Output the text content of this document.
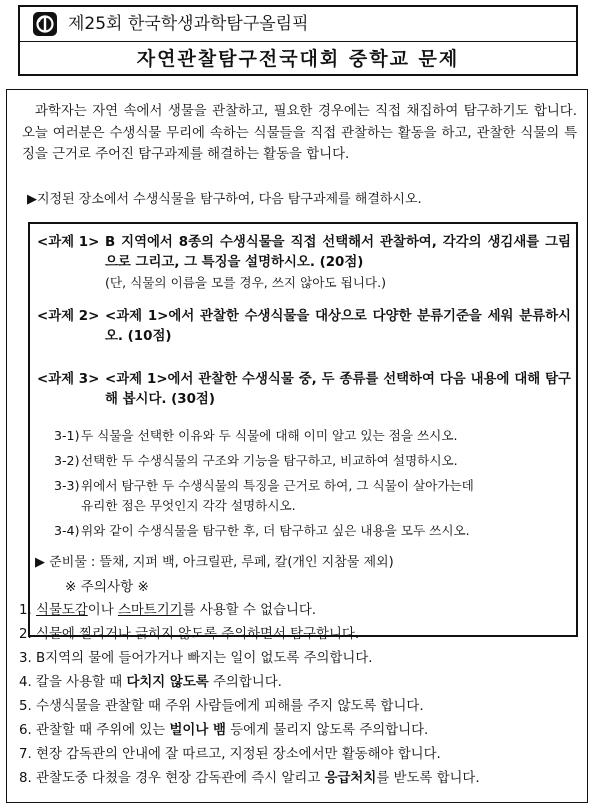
제25회 한국학생과학탐구올림픽
자연관찰탐구전국대회 중학교 문제
과학자는 자연 속에서 생물을 관찰하고, 필요한 경우에는 직접 채집하여 탐구하기도 합니다. 오늘 여러분은 수생식물 무리에 속하는 식물들을 직접 관찰하는 활동을 하고, 관찰한 식물의 특징을 근거로 주어진 탐구과제를 해결하는 활동을 합니다.
▶지정된 장소에서 수생식물을 탐구하여, 다음 탐구과제를 해결하시오.
<과제 1> B 지역에서 8종의 수생식물을 직접 선택해서 관찰하여, 각각의 생김새를 그림으로 그리고, 그 특징을 설명하시오. (20점)
(단, 식물의 이름을 모를 경우, 쓰지 않아도 됩니다.)
<과제 2> <과제 1>에서 관찰한 수생식물을 대상으로 다양한 분류기준을 세워 분류하시오. (10점)
<과제 3> <과제 1>에서 관찰한 수생식물 중, 두 종류를 선택하여 다음 내용에 대해 탐구해 봅시다. (30점)
3-1) 두 식물을 선택한 이유와 두 식물에 대해 이미 알고 있는 점을 쓰시오.
3-2) 선택한 두 수생식물의 구조와 기능을 탐구하고, 비교하여 설명하시오.
3-3) 위에서 탐구한 두 수생식물의 특징을 근거로 하여, 그 식물이 살아가는데
유리한 점은 무엇인지 각각 설명하시오.
3-4) 위와 같이 수생식물을 탐구한 후, 더 탐구하고 싶은 내용을 모두 쓰시오.
▶ 준비물 : 뜰채, 지퍼 백, 아크릴판, 루페, 칼(개인 지참물 제외)
※ 주의사항 ※
1. 식물도감이나 스마트기기를 사용할 수 없습니다.
2. 식물에 찔리거나 긁히지 않도록 주의하면서 탐구합니다.
3. B지역의 물에 들어가거나 빠지는 일이 없도록 주의합니다.
4. 칼을 사용할 때 다치지 않도록 주의합니다.
5. 수생식물을 관찰할 때 주위 사람들에게 피해를 주지 않도록 합니다.
6. 관찰할 때 주위에 있는 벌이나 뱀 등에게 물리지 않도록 주의합니다.
7. 현장 감독관의 안내에 잘 따르고, 지정된 장소에서만 활동해야 합니다.
8. 관찰도중 다쳤을 경우 현장 감독관에 즉시 알리고 응급처치를 받도록 합니다.
